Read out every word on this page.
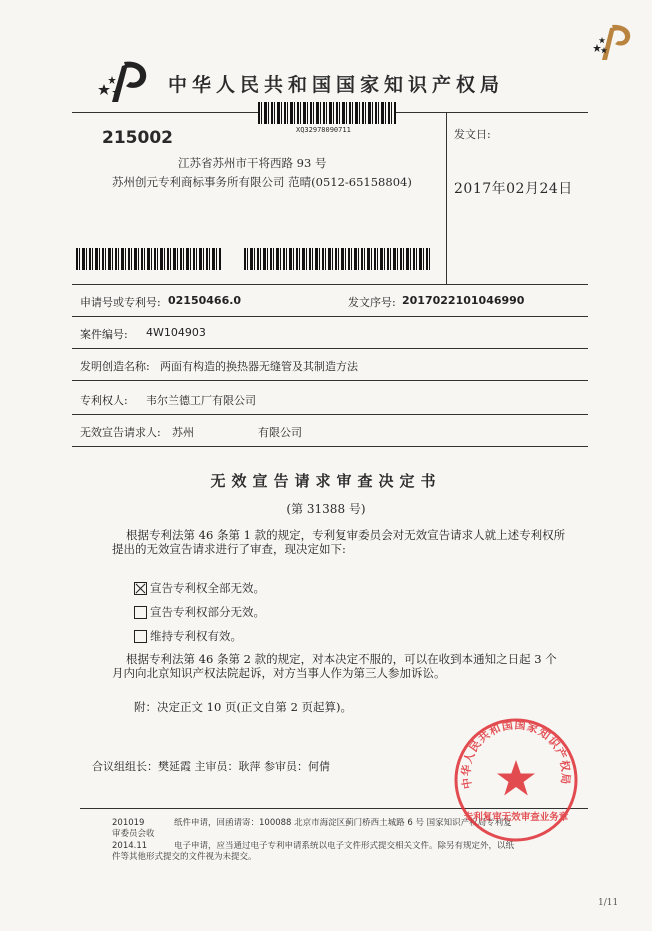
中华人民共和国国家知识产权局
XQ32978090711
215002
江苏省苏州市干将西路 93 号
苏州创元专利商标事务所有限公司 范晴(0512-65158804)
发文日:
2017年02月24日
申请号或专利号: 02150466.0	发文序号: 2017022101046990
案件编号: 4W104903
发明创造名称: 两面有构造的换热器无缝管及其制造方法
专利权人: 韦尔兰德工厂有限公司
无效宣告请求人: 苏州	有限公司
无效宣告请求审查决定书
(第 31388 号)
根据专利法第 46 条第 1 款的规定，专利复审委员会对无效宣告请求人就上述专利权所提出的无效宣告请求进行了审查，现决定如下:
宣告专利权全部无效。
宣告专利权部分无效。
维持专利权有效。
根据专利法第 46 条第 2 款的规定，对本决定不服的，可以在收到本通知之日起 3 个月内向北京知识产权法院起诉，对方当事人作为第三人参加诉讼。
附：决定正文 10 页(正文自第 2 页起算)。
合议组组长：樊延霞 主审员：耿萍 参审员：何倩
201019	纸件申请，回函请寄：100088 北京市海淀区蓟门桥西土城路 6 号 国家知识产权局专利复
审委员会收
2014.11	电子申请，应当通过电子专利申请系统以电子文件形式提交相关文件。除另有规定外，以纸
件等其他形式提交的文件视为未提交。
中华人民共和国国家知识产权局
专利复审无效审查业务章
1/11
